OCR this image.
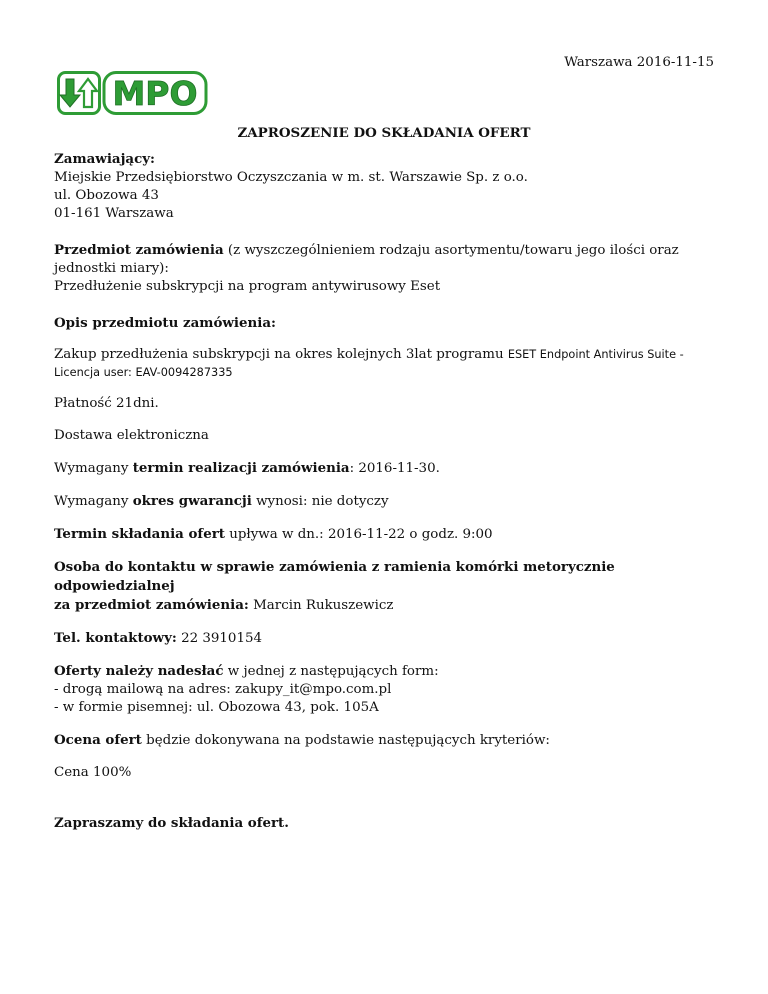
Warszawa 2016-11-15
MPO
ZAPROSZENIE DO SKŁADANIA OFERT

Zamawiający:
Miejskie Przedsiębiorstwo Oczyszczania w m. st. Warszawie Sp. z o.o.
ul. Obozowa 43
01-161 Warszawa

Przedmiot zamówienia (z wyszczególnieniem rodzaju asortymentu/towaru jego ilości oraz jednostki miary):
Przedłużenie subskrypcji na program antywirusowy Eset

Opis przedmiotu zamówienia:

Zakup przedłużenia subskrypcji na okres kolejnych 3lat programu ESET Endpoint Antivirus Suite -
Licencja user: EAV-0094287335

Płatność 21dni.

Dostawa elektroniczna

Wymagany termin realizacji zamówienia: 2016-11-30.

Wymagany okres gwarancji wynosi: nie dotyczy

Termin składania ofert upływa w dn.: 2016-11-22 o godz. 9:00

Osoba do kontaktu w sprawie zamówienia z ramienia komórki metorycznie odpowiedzialnej
za przedmiot zamówienia: Marcin Rukuszewicz

Tel. kontaktowy: 22 3910154

Oferty należy nadesłać w jednej z następujących form:
- drogą mailową na adres: zakupy_it@mpo.com.pl
- w formie pisemnej: ul. Obozowa 43, pok. 105A

Ocena ofert będzie dokonywana na podstawie następujących kryteriów:

Cena 100%

Zapraszamy do składania ofert.
